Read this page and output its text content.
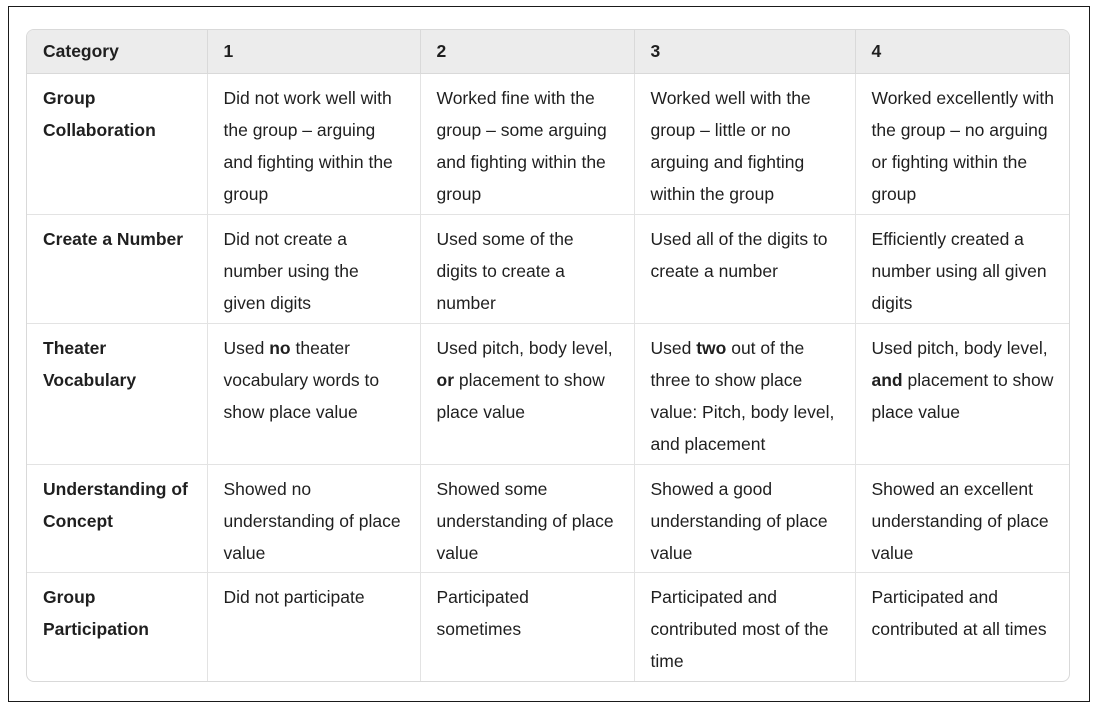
Category	1	2	3	4
Group Collaboration	Did not work well with the group – arguing and fighting within the group	Worked fine with the group – some arguing and fighting within the group	Worked well with the group – little or no arguing and fighting within the group	Worked excellently with the group – no arguing or fighting within the group
Create a Number	Did not create a number using the given digits	Used some of the digits to create a number	Used all of the digits to create a number	Efficiently created a number using all given digits
Theater Vocabulary	Used no theater vocabulary words to show place value	Used pitch, body level, or placement to show place value	Used two out of the three to show place value: Pitch, body level, and placement	Used pitch, body level, and placement to show place value
Understanding of Concept	Showed no understanding of place value	Showed some understanding of place value	Showed a good understanding of place value	Showed an excellent understanding of place value
Group Participation	Did not participate	Participated sometimes	Participated and contributed most of the time	Participated and contributed at all times
